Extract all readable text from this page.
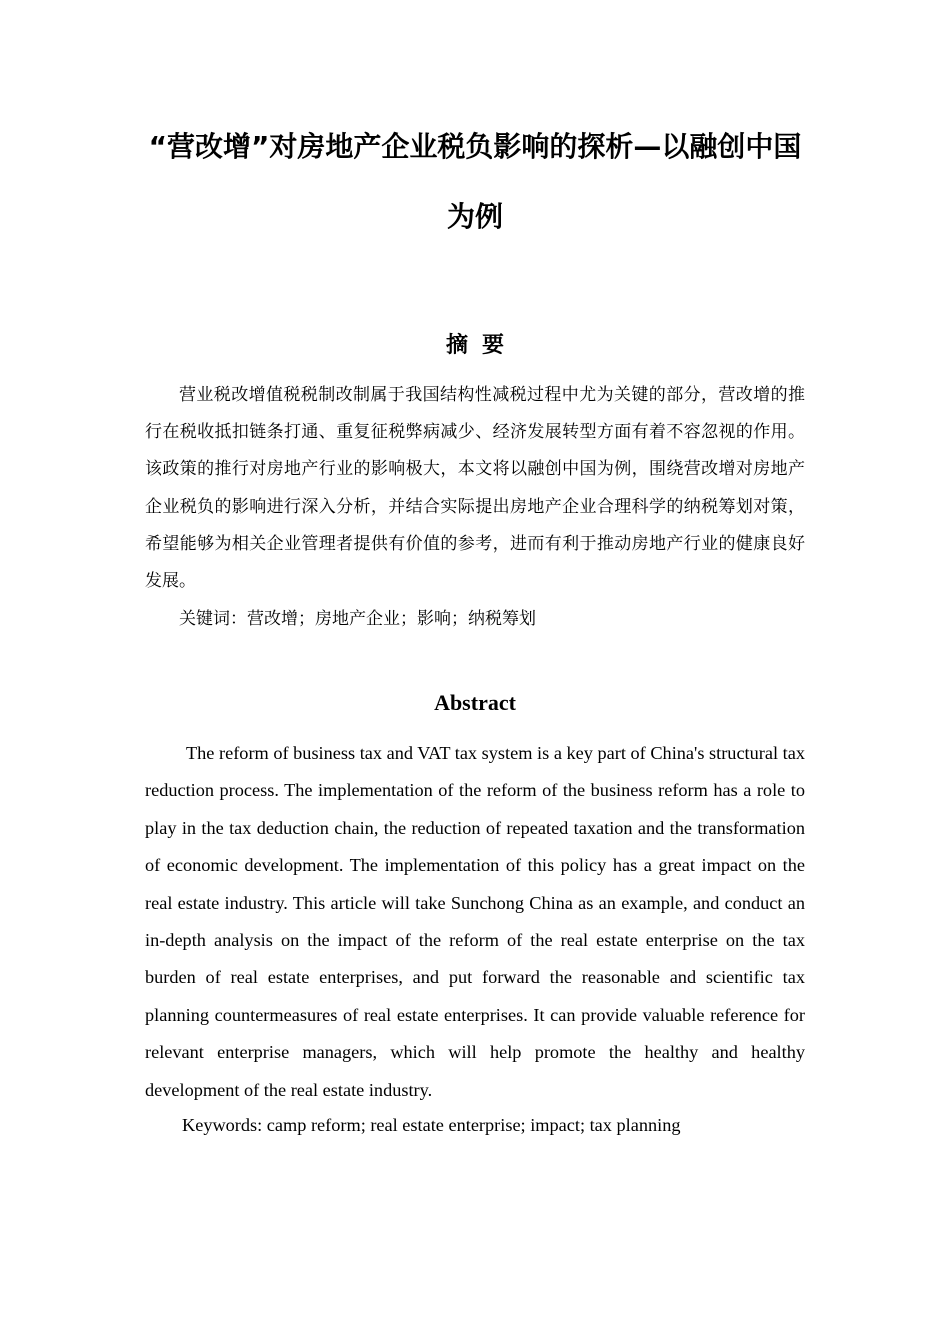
“营改增”对房地产企业税负影响的探析—以融创中国为例
摘要

营业税改增值税税制改制属于我国结构性减税过程中尤为关键的部分，营改增的推行在税收抵扣链条打通、重复征税弊病减少、经济发展转型方面有着不容忽视的作用。该政策的推行对房地产行业的影响极大，本文将以融创中国为例，围绕营改增对房地产企业税负的影响进行深入分析，并结合实际提出房地产企业合理科学的纳税筹划对策，希望能够为相关企业管理者提供有价值的参考，进而有利于推动房地产行业的健康良好发展。

关键词：营改增；房地产企业；影响；纳税筹划

Abstract

The reform of business tax and VAT tax system is a key part of China's structural tax reduction process. The implementation of the reform of the business reform has a role to play in the tax deduction chain, the reduction of repeated taxation and the transformation of economic development. The implementation of this policy has a great impact on the real estate industry. This article will take Sunchong China as an example, and conduct an in-depth analysis on the impact of the reform of the real estate enterprise on the tax burden of real estate enterprises, and put forward the reasonable and scientific tax planning countermeasures of real estate enterprises. It can provide valuable reference for relevant enterprise managers, which will help promote the healthy and healthy development of the real estate industry.

Keywords: camp reform; real estate enterprise; impact; tax planning
